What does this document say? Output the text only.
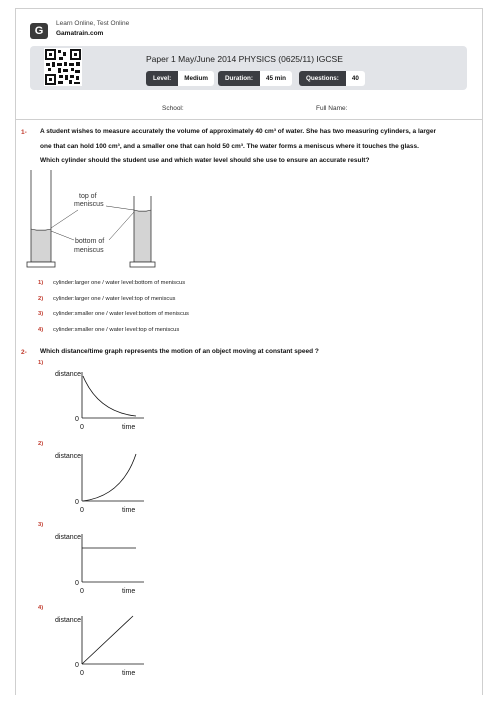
G
Learn Online, Test Online
Gamatrain.com
Paper 1 May/June 2014 PHYSICS (0625/11) IGCSE
Level:	Medium	Duration:	45 min	Questions:	40
School:	Full Name:
1- A student wishes to measure accurately the volume of approximately 40 cm³ of water. She has two measuring cylinders, a larger
one that can hold 100 cm³, and a smaller one that can hold 50 cm³. The water forms a meniscus where it touches the glass.
Which cylinder should the student use and which water level should she use to ensure an accurate result?
top of
meniscus
bottom of
meniscus
1) cylinder:larger one / water level:bottom of meniscus
2) cylinder:larger one / water level:top of meniscus
3) cylinder:smaller one / water level:bottom of meniscus
4) cylinder:smaller one / water level:top of meniscus
2- Which distance/time graph represents the motion of an object moving at constant speed ?
1)
distance
0
0	time
2)
distance
0
0	time
3)
distance
0
0	time
4)
distance
0
0	time
